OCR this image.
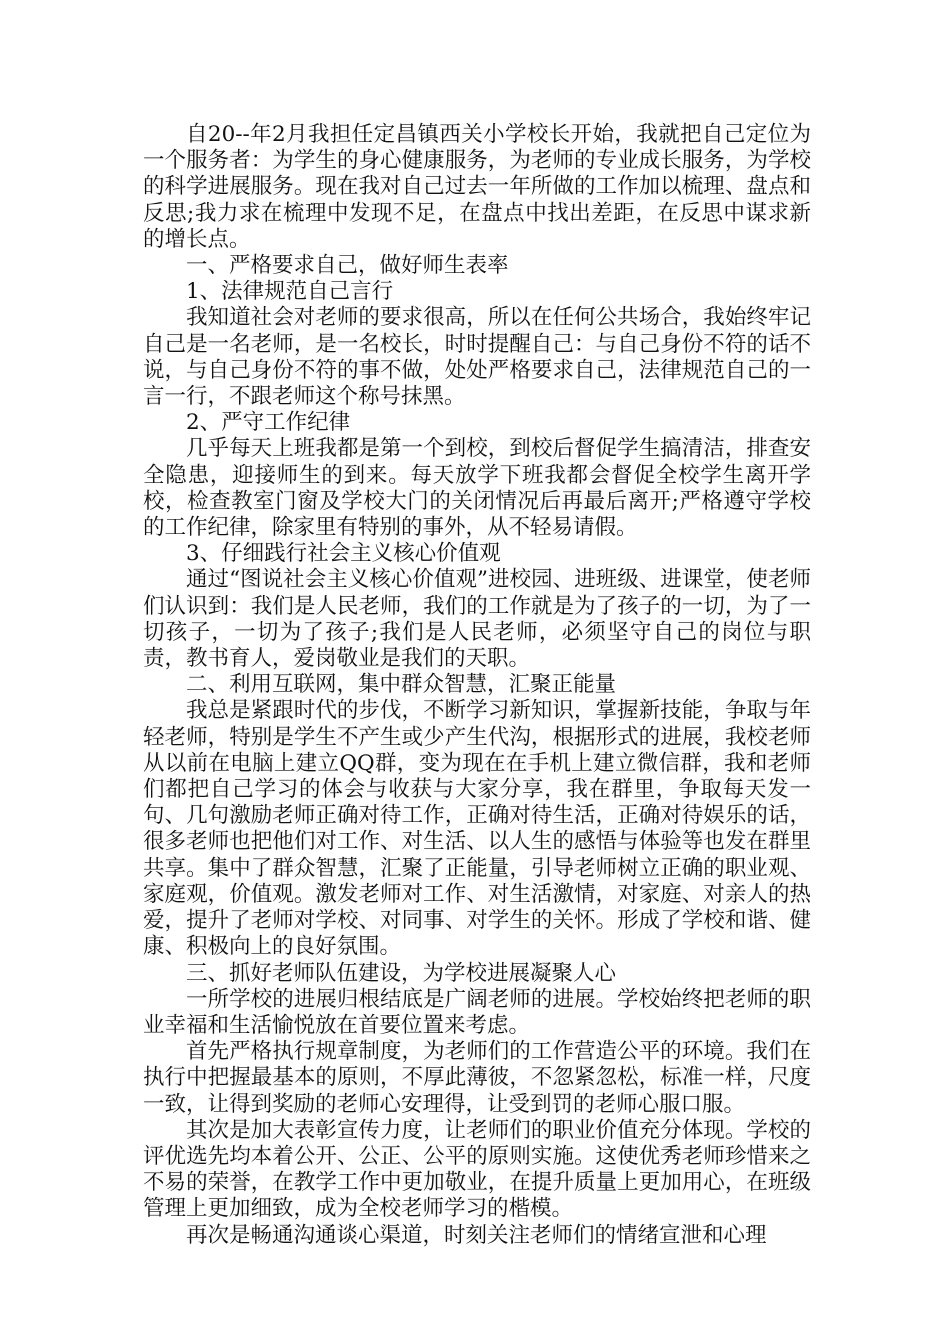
自20--年2月我担任定昌镇西关小学校长开始，我就把自己定位为一个服务者：为学生的身心健康服务，为老师的专业成长服务，为学校的科学进展服务。现在我对自己过去一年所做的工作加以梳理、盘点和反思;我力求在梳理中发现不足，在盘点中找出差距，在反思中谋求新的增长点。

一、严格要求自己，做好师生表率

1、法律规范自己言行

我知道社会对老师的要求很高，所以在任何公共场合，我始终牢记自己是一名老师，是一名校长，时时提醒自己：与自己身份不符的话不说，与自己身份不符的事不做，处处严格要求自己，法律规范自己的一言一行，不跟老师这个称号抹黑。

2、严守工作纪律

几乎每天上班我都是第一个到校，到校后督促学生搞清洁，排查安全隐患，迎接师生的到来。每天放学下班我都会督促全校学生离开学校，检查教室门窗及学校大门的关闭情况后再最后离开;严格遵守学校的工作纪律，除家里有特别的事外，从不轻易请假。

3、仔细践行社会主义核心价值观

通过“图说社会主义核心价值观”进校园、进班级、进课堂，使老师们认识到：我们是人民老师，我们的工作就是为了孩子的一切，为了一切孩子，一切为了孩子;我们是人民老师，必须坚守自己的岗位与职责，教书育人，爱岗敬业是我们的天职。

二、利用互联网，集中群众智慧，汇聚正能量

我总是紧跟时代的步伐，不断学习新知识，掌握新技能，争取与年轻老师，特别是学生不产生或少产生代沟，根据形式的进展，我校老师从以前在电脑上建立QQ群，变为现在在手机上建立微信群，我和老师们都把自己学习的体会与收获与大家分享，我在群里，争取每天发一句、几句激励老师正确对待工作，正确对待生活，正确对待娱乐的话，很多老师也把他们对工作、对生活、以人生的感悟与体验等也发在群里共享。集中了群众智慧，汇聚了正能量，引导老师树立正确的职业观、家庭观，价值观。激发老师对工作、对生活激情，对家庭、对亲人的热爱，提升了老师对学校、对同事、对学生的关怀。形成了学校和谐、健康、积极向上的良好氛围。

三、抓好老师队伍建设，为学校进展凝聚人心

一所学校的进展归根结底是广阔老师的进展。学校始终把老师的职业幸福和生活愉悦放在首要位置来考虑。

首先严格执行规章制度，为老师们的工作营造公平的环境。我们在执行中把握最基本的原则，不厚此薄彼，不忽紧忽松，标准一样，尺度一致，让得到奖励的老师心安理得，让受到罚的老师心服口服。

其次是加大表彰宣传力度，让老师们的职业价值充分体现。学校的评优选先均本着公开、公正、公平的原则实施。这使优秀老师珍惜来之不易的荣誉，在教学工作中更加敬业，在提升质量上更加用心，在班级管理上更加细致，成为全校老师学习的楷模。

再次是畅通沟通谈心渠道，时刻关注老师们的情绪宣泄和心理
